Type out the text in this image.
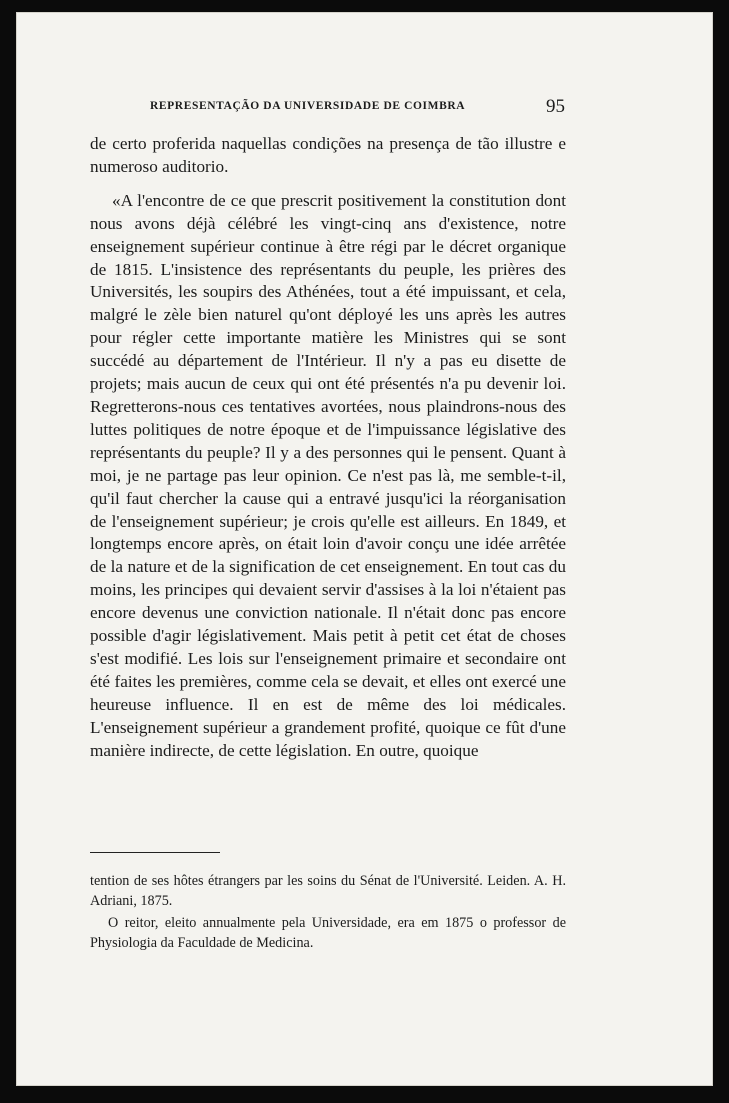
REPRESENTAÇÃO DA UNIVERSIDADE DE COIMBRA	95

de certo proferida naquellas condições na presença de tão illustre e numeroso auditorio.

«A l'encontre de ce que prescrit positivement la constitution dont nous avons déjà célébré les vingt-cinq ans d'existence, notre enseignement supérieur continue à être régi par le décret organique de 1815. L'insistence des représentants du peuple, les prières des Universités, les soupirs des Athénées, tout a été impuissant, et cela, malgré le zèle bien naturel qu'ont déployé les uns après les autres pour régler cette importante matière les Ministres qui se sont succédé au département de l'Intérieur. Il n'y a pas eu disette de projets; mais aucun de ceux qui ont été présentés n'a pu devenir loi. Regretterons-nous ces tentatives avortées, nous plaindrons-nous des luttes politiques de notre époque et de l'impuissance législative des représentants du peuple? Il y a des personnes qui le pensent. Quant à moi, je ne partage pas leur opinion. Ce n'est pas là, me semble-t-il, qu'il faut chercher la cause qui a entravé jusqu'ici la réorganisation de l'enseignement supérieur; je crois qu'elle est ailleurs. En 1849, et longtemps encore après, on était loin d'avoir conçu une idée arrêtée de la nature et de la signification de cet enseignement. En tout cas du moins, les principes qui devaient servir d'assises à la loi n'étaient pas encore devenus une conviction nationale. Il n'était donc pas encore possible d'agir législativement. Mais petit à petit cet état de choses s'est modifié. Les lois sur l'enseignement primaire et secondaire ont été faites les premières, comme cela se devait, et elles ont exercé une heureuse influence. Il en est de même des loi médicales. L'enseignement supérieur a grandement profité, quoique ce fût d'une manière indirecte, de cette législation. En outre, quoique

tention de ses hôtes étrangers par les soins du Sénat de l'Université. Leiden. A. H. Adriani, 1875.

O reitor, eleito annualmente pela Universidade, era em 1875 o professor de Physiologia da Faculdade de Medicina.
